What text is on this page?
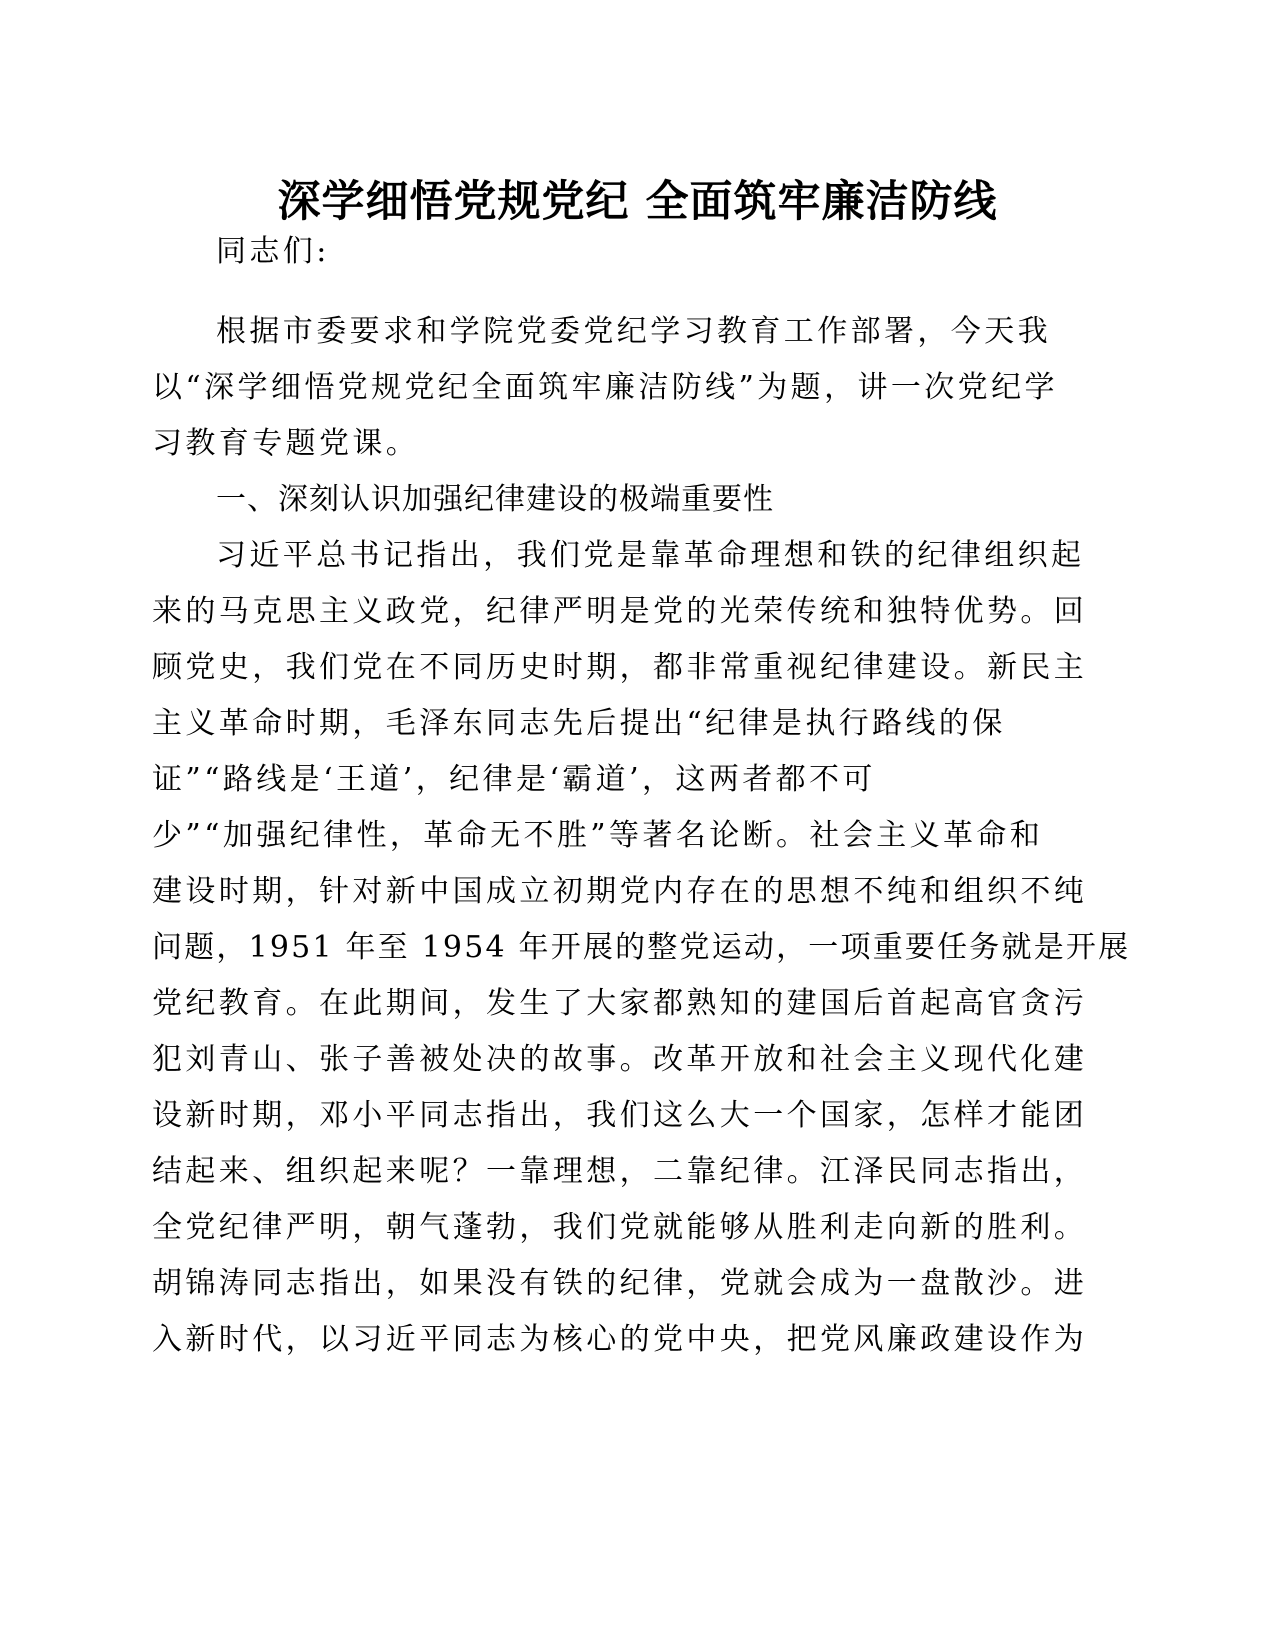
深学细悟党规党纪 全面筑牢廉洁防线
同志们:
根据市委要求和学院党委党纪学习教育工作部署，今天我
以“深学细悟党规党纪全面筑牢廉洁防线”为题，讲一次党纪学
习教育专题党课。
一、深刻认识加强纪律建设的极端重要性
习近平总书记指出，我们党是靠革命理想和铁的纪律组织起
来的马克思主义政党，纪律严明是党的光荣传统和独特优势。回
顾党史，我们党在不同历史时期，都非常重视纪律建设。新民主
主义革命时期，毛泽东同志先后提出“纪律是执行路线的保
证”“路线是‘王道’，纪律是‘霸道’，这两者都不可
少”“加强纪律性，革命无不胜”等著名论断。社会主义革命和
建设时期，针对新中国成立初期党内存在的思想不纯和组织不纯
问题，1951 年至 1954 年开展的整党运动，一项重要任务就是开展
党纪教育。在此期间，发生了大家都熟知的建国后首起高官贪污
犯刘青山、张子善被处决的故事。改革开放和社会主义现代化建
设新时期，邓小平同志指出，我们这么大一个国家，怎样才能团
结起来、组织起来呢？一靠理想，二靠纪律。江泽民同志指出，
全党纪律严明，朝气蓬勃，我们党就能够从胜利走向新的胜利。
胡锦涛同志指出，如果没有铁的纪律，党就会成为一盘散沙。进
入新时代，以习近平同志为核心的党中央，把党风廉政建设作为
